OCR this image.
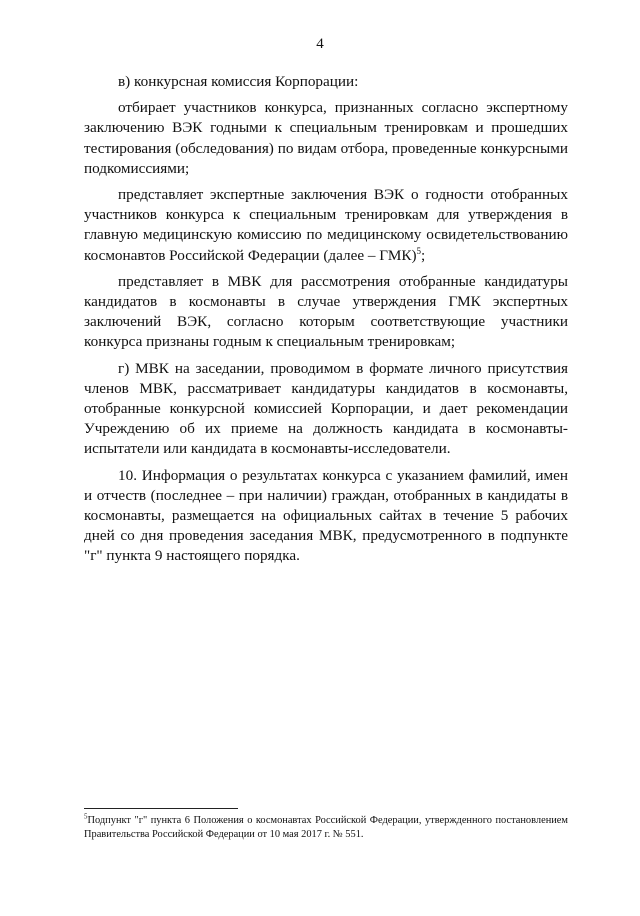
4

в) конкурсная комиссия Корпорации:

отбирает участников конкурса, признанных согласно экспертному заключению ВЭК годными к специальным тренировкам и прошедших тестирования (обследования) по видам отбора, проведенные конкурсными подкомиссиями;

представляет экспертные заключения ВЭК о годности отобранных участников конкурса к специальным тренировкам для утверждения в главную медицинскую комиссию по медицинскому освидетельствованию космонавтов Российской Федерации (далее – ГМК)$^5$;

представляет в МВК для рассмотрения отобранные кандидатуры кандидатов в космонавты в случае утверждения ГМК экспертных заключений ВЭК, согласно которым соответствующие участники конкурса признаны годным к специальным тренировкам;

г) МВК на заседании, проводимом в формате личного присутствия членов МВК, рассматривает кандидатуры кандидатов в космонавты, отобранные конкурсной комиссией Корпорации, и дает рекомендации Учреждению об их приеме на должность кандидата в космонавты-испытатели или кандидата в космонавты-исследователи.

10. Информация о результатах конкурса с указанием фамилий, имен и отчеств (последнее – при наличии) граждан, отобранных в кандидаты в космонавты, размещается на официальных сайтах в течение 5 рабочих дней со дня проведения заседания МВК, предусмотренного в подпункте "г" пункта 9 настоящего порядка.

$^5$Подпункт "г" пункта 6 Положения о космонавтах Российской Федерации, утвержденного постановлением Правительства Российской Федерации от 10 мая 2017 г. № 551.
